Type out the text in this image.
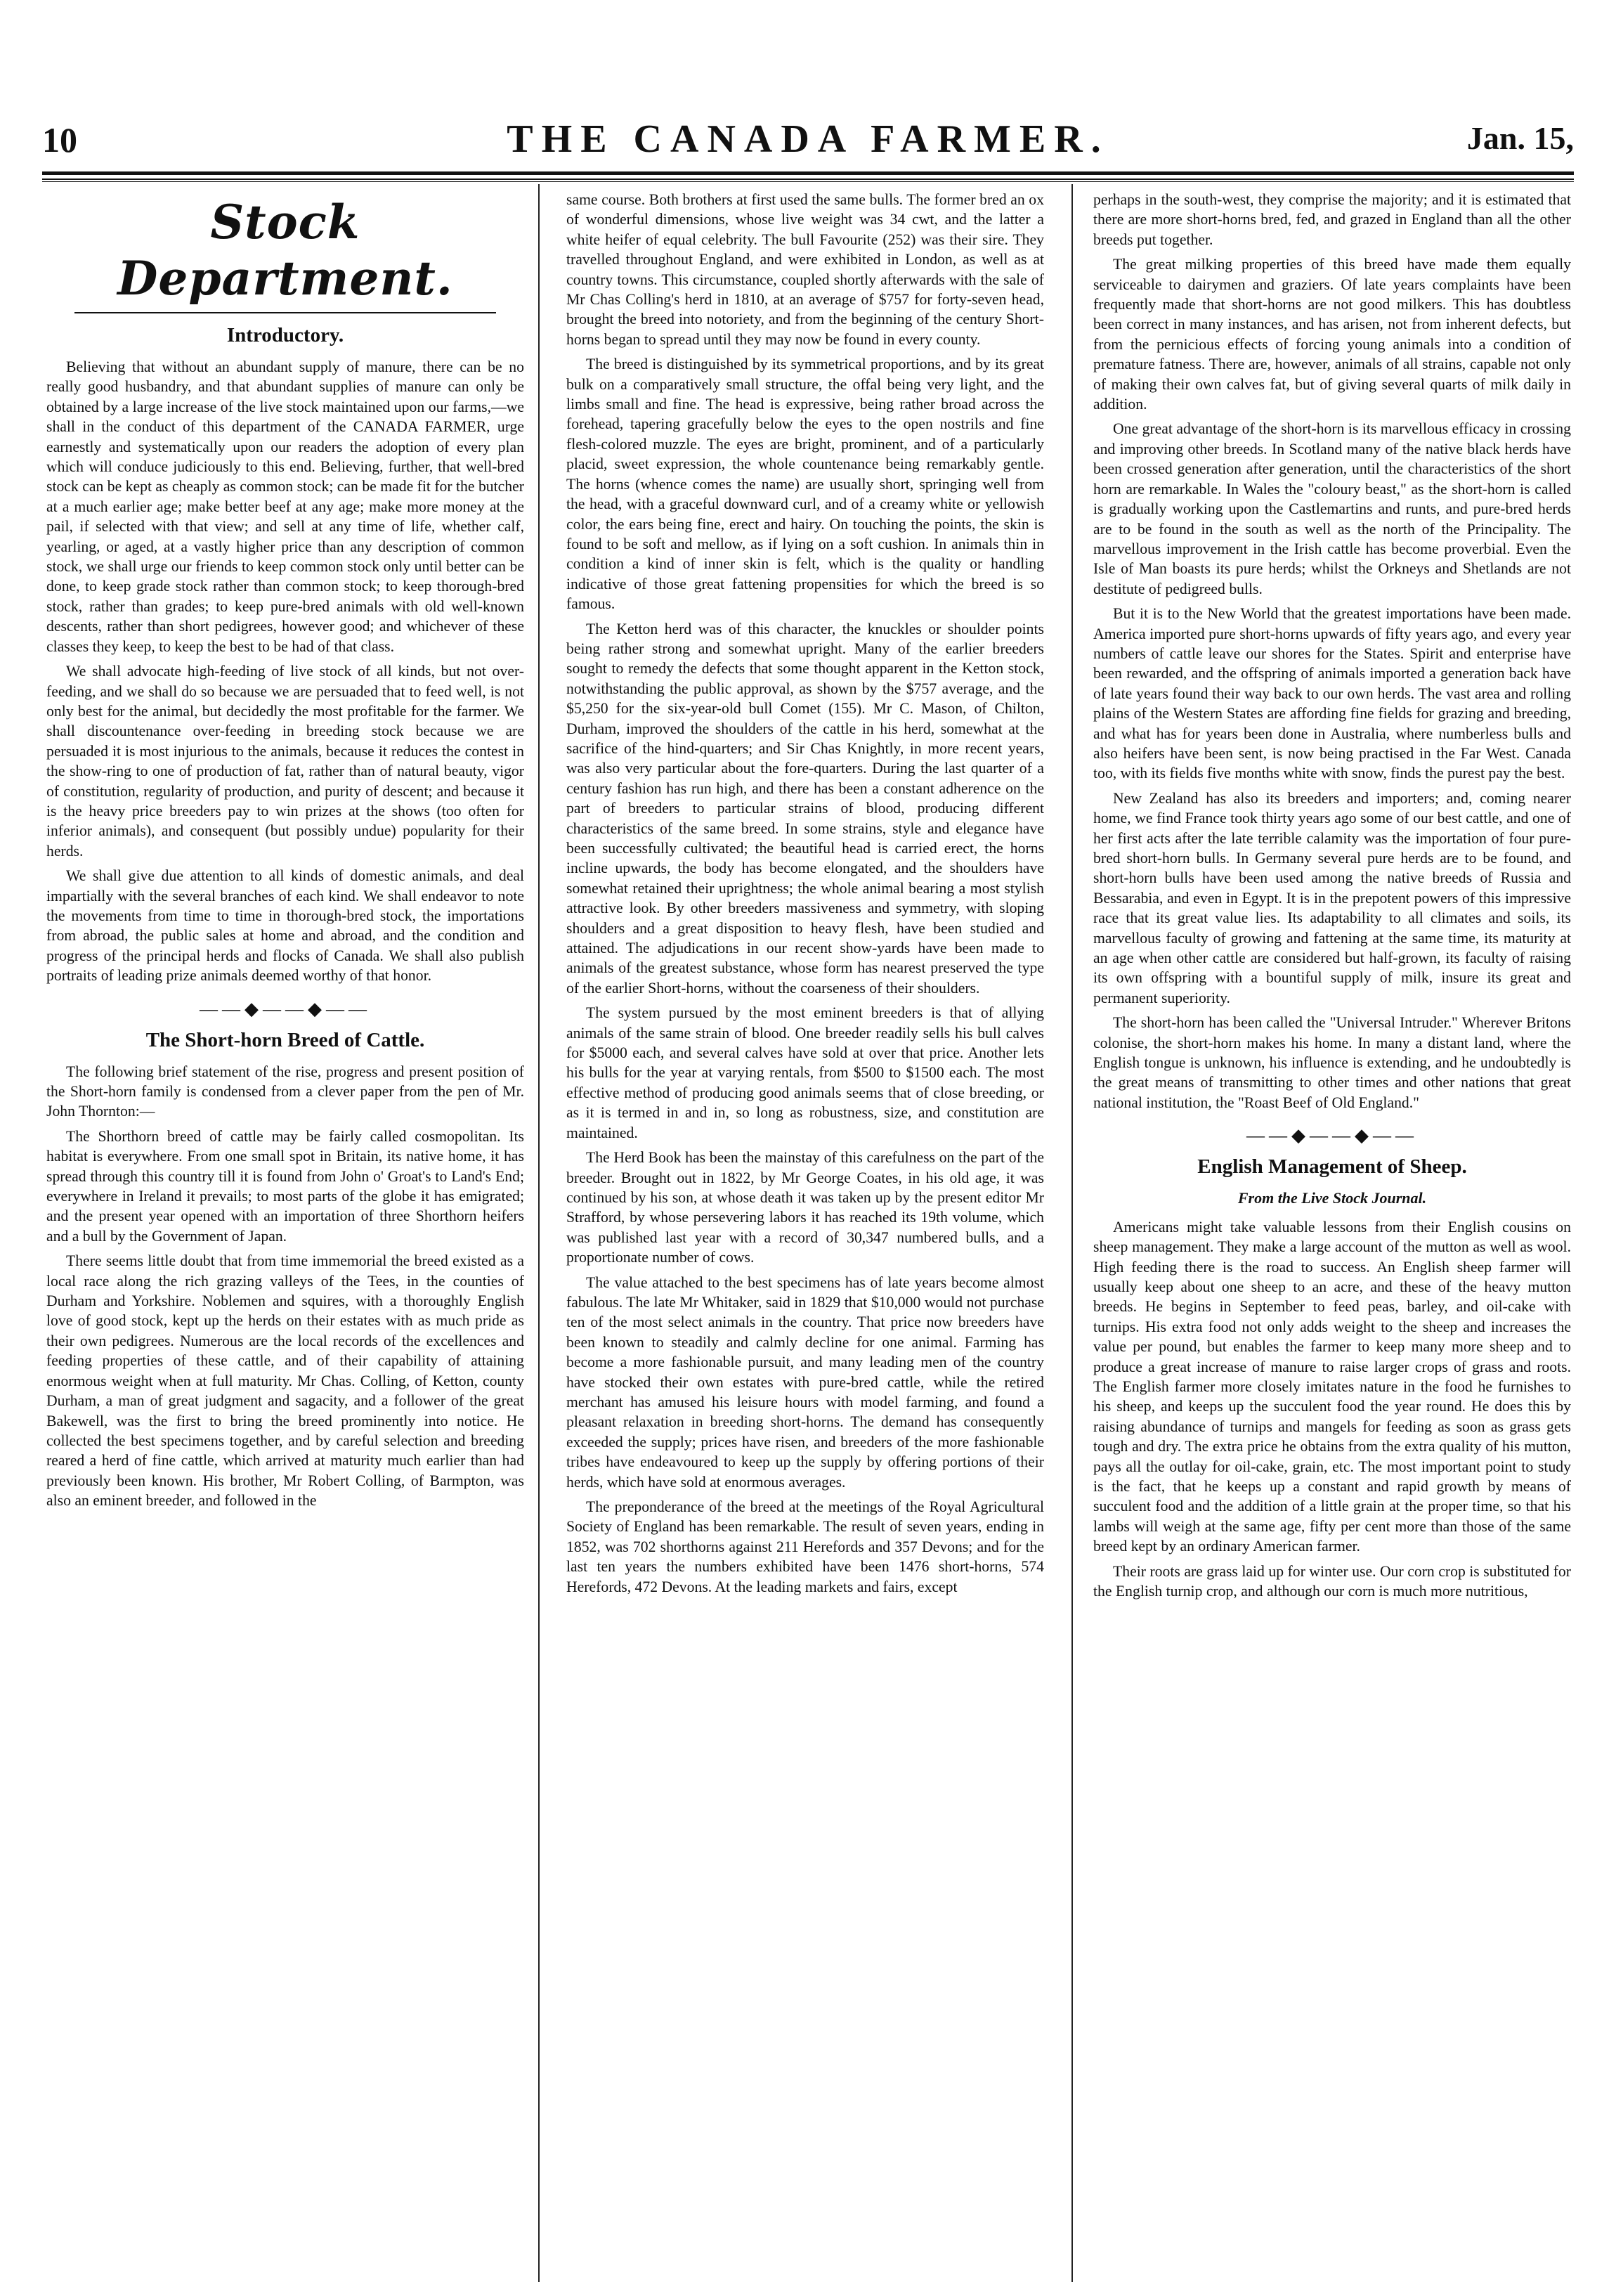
10	THE CANADA FARMER.	Jan. 15,
Stock Department.
Introductory.

Believing that without an abundant supply of manure, there can be no really good husbandry, and that abundant supplies of manure can only be obtained by a large increase of the live stock maintained upon our farms,—we shall in the conduct of this department of the CANADA FARMER, urge earnestly and systematically upon our readers the adoption of every plan which will conduce judiciously to this end. Believing, further, that well-bred stock can be kept as cheaply as common stock; can be made fit for the butcher at a much earlier age; make better beef at any age; make more money at the pail, if selected with that view; and sell at any time of life, whether calf, yearling, or aged, at a vastly higher price than any description of common stock, we shall urge our friends to keep common stock only until better can be done, to keep grade stock rather than common stock; to keep thorough-bred stock, rather than grades; to keep pure-bred animals with old well-known descents, rather than short pedigrees, however good; and whichever of these classes they keep, to keep the best to be had of that class.

We shall advocate high-feeding of live stock of all kinds, but not over-feeding, and we shall do so because we are persuaded that to feed well, is not only best for the animal, but decidedly the most profitable for the farmer. We shall discountenance over-feeding in breeding stock because we are persuaded it is most injurious to the animals, because it reduces the contest in the show-ring to one of production of fat, rather than of natural beauty, vigor of constitution, regularity of production, and purity of descent; and because it is the heavy price breeders pay to win prizes at the shows (too often for inferior animals), and consequent (but possibly undue) popularity for their herds.

We shall give due attention to all kinds of domestic animals, and deal impartially with the several branches of each kind. We shall endeavor to note the movements from time to time in thorough-bred stock, the importations from abroad, the public sales at home and abroad, and the condition and progress of the principal herds and flocks of Canada. We shall also publish portraits of leading prize animals deemed worthy of that honor.

——◆——◆——
The Short-horn Breed of Cattle.

The following brief statement of the rise, progress and present position of the Short-horn family is condensed from a clever paper from the pen of Mr. John Thornton:—

The Shorthorn breed of cattle may be fairly called cosmopolitan. Its habitat is everywhere. From one small spot in Britain, its native home, it has spread through this country till it is found from John o' Groat's to Land's End; everywhere in Ireland it prevails; to most parts of the globe it has emigrated; and the present year opened with an importation of three Shorthorn heifers and a bull by the Government of Japan.

There seems little doubt that from time immemorial the breed existed as a local race along the rich grazing valleys of the Tees, in the counties of Durham and Yorkshire. Noblemen and squires, with a thoroughly English love of good stock, kept up the herds on their estates with as much pride as their own pedigrees. Numerous are the local records of the excellences and feeding properties of these cattle, and of their capability of attaining enormous weight when at full maturity. Mr Chas. Colling, of Ketton, county Durham, a man of great judgment and sagacity, and a follower of the great Bakewell, was the first to bring the breed prominently into notice. He collected the best specimens together, and by careful selection and breeding reared a herd of fine cattle, which arrived at maturity much earlier than had previously been known. His brother, Mr Robert Colling, of Barmpton, was also an eminent breeder, and followed in the

same course. Both brothers at first used the same bulls. The former bred an ox of wonderful dimensions, whose live weight was 34 cwt, and the latter a white heifer of equal celebrity. The bull Favourite (252) was their sire. They travelled throughout England, and were exhibited in London, as well as at country towns. This circumstance, coupled shortly afterwards with the sale of Mr Chas Colling's herd in 1810, at an average of $757 for forty-seven head, brought the breed into notoriety, and from the beginning of the century Short-horns began to spread until they may now be found in every county.

The breed is distinguished by its symmetrical proportions, and by its great bulk on a comparatively small structure, the offal being very light, and the limbs small and fine. The head is expressive, being rather broad across the forehead, tapering gracefully below the eyes to the open nostrils and fine flesh-colored muzzle. The eyes are bright, prominent, and of a particularly placid, sweet expression, the whole countenance being remarkably gentle. The horns (whence comes the name) are usually short, springing well from the head, with a graceful downward curl, and of a creamy white or yellowish color, the ears being fine, erect and hairy. On touching the points, the skin is found to be soft and mellow, as if lying on a soft cushion. In animals thin in condition a kind of inner skin is felt, which is the quality or handling indicative of those great fattening propensities for which the breed is so famous.

The Ketton herd was of this character, the knuckles or shoulder points being rather strong and somewhat upright. Many of the earlier breeders sought to remedy the defects that some thought apparent in the Ketton stock, notwithstanding the public approval, as shown by the $757 average, and the $5,250 for the six-year-old bull Comet (155). Mr C. Mason, of Chilton, Durham, improved the shoulders of the cattle in his herd, somewhat at the sacrifice of the hind-quarters; and Sir Chas Knightly, in more recent years, was also very particular about the fore-quarters. During the last quarter of a century fashion has run high, and there has been a constant adherence on the part of breeders to particular strains of blood, producing different characteristics of the same breed. In some strains, style and elegance have been successfully cultivated; the beautiful head is carried erect, the horns incline upwards, the body has become elongated, and the shoulders have somewhat retained their uprightness; the whole animal bearing a most stylish attractive look. By other breeders massiveness and symmetry, with sloping shoulders and a great disposition to heavy flesh, have been studied and attained. The adjudications in our recent show-yards have been made to animals of the greatest substance, whose form has nearest preserved the type of the earlier Short-horns, without the coarseness of their shoulders.

The system pursued by the most eminent breeders is that of allying animals of the same strain of blood. One breeder readily sells his bull calves for $5000 each, and several calves have sold at over that price. Another lets his bulls for the year at varying rentals, from $500 to $1500 each. The most effective method of producing good animals seems that of close breeding, or as it is termed in and in, so long as robustness, size, and constitution are maintained.

The Herd Book has been the mainstay of this carefulness on the part of the breeder. Brought out in 1822, by Mr George Coates, in his old age, it was continued by his son, at whose death it was taken up by the present editor Mr Strafford, by whose persevering labors it has reached its 19th volume, which was published last year with a record of 30,347 numbered bulls, and a proportionate number of cows.

The value attached to the best specimens has of late years become almost fabulous. The late Mr Whitaker, said in 1829 that $10,000 would not purchase ten of the most select animals in the country. That price now breeders have been known to steadily and calmly decline for one animal. Farming has become a more fashionable pursuit, and many leading men of the country have stocked their own estates with pure-bred cattle, while the retired merchant has amused his leisure hours with model farming, and found a pleasant relaxation in breeding short-horns. The demand has consequently exceeded the supply; prices have risen, and breeders of the more fashionable tribes have endeavoured to keep up the supply by offering portions of their herds, which have sold at enormous averages.

The preponderance of the breed at the meetings of the Royal Agricultural Society of England has been remarkable. The result of seven years, ending in 1852, was 702 shorthorns against 211 Herefords and 357 Devons; and for the last ten years the numbers exhibited have been 1476 short-horns, 574 Herefords, 472 Devons. At the leading markets and fairs, except

perhaps in the south-west, they comprise the majority; and it is estimated that there are more short-horns bred, fed, and grazed in England than all the other breeds put together.

The great milking properties of this breed have made them equally serviceable to dairymen and graziers. Of late years complaints have been frequently made that short-horns are not good milkers. This has doubtless been correct in many instances, and has arisen, not from inherent defects, but from the pernicious effects of forcing young animals into a condition of premature fatness. There are, however, animals of all strains, capable not only of making their own calves fat, but of giving several quarts of milk daily in addition.

One great advantage of the short-horn is its marvellous efficacy in crossing and improving other breeds. In Scotland many of the native black herds have been crossed generation after generation, until the characteristics of the short horn are remarkable. In Wales the "coloury beast," as the short-horn is called is gradually working upon the Castlemartins and runts, and pure-bred herds are to be found in the south as well as the north of the Principality. The marvellous improvement in the Irish cattle has become proverbial. Even the Isle of Man boasts its pure herds; whilst the Orkneys and Shetlands are not destitute of pedigreed bulls.

But it is to the New World that the greatest importations have been made. America imported pure short-horns upwards of fifty years ago, and every year numbers of cattle leave our shores for the States. Spirit and enterprise have been rewarded, and the offspring of animals imported a generation back have of late years found their way back to our own herds. The vast area and rolling plains of the Western States are affording fine fields for grazing and breeding, and what has for years been done in Australia, where numberless bulls and also heifers have been sent, is now being practised in the Far West. Canada too, with its fields five months white with snow, finds the purest pay the best.

New Zealand has also its breeders and importers; and, coming nearer home, we find France took thirty years ago some of our best cattle, and one of her first acts after the late terrible calamity was the importation of four pure-bred short-horn bulls. In Germany several pure herds are to be found, and short-horn bulls have been used among the native breeds of Russia and Bessarabia, and even in Egypt. It is in the prepotent powers of this impressive race that its great value lies. Its adaptability to all climates and soils, its marvellous faculty of growing and fattening at the same time, its maturity at an age when other cattle are considered but half-grown, its faculty of raising its own offspring with a bountiful supply of milk, insure its great and permanent superiority.

The short-horn has been called the "Universal Intruder." Wherever Britons colonise, the short-horn makes his home. In many a distant land, where the English tongue is unknown, his influence is extending, and he undoubtedly is the great means of transmitting to other times and other nations that great national institution, the "Roast Beef of Old England."

——◆——◆——
English Management of Sheep.
From the Live Stock Journal.

Americans might take valuable lessons from their English cousins on sheep management. They make a large account of the mutton as well as wool. High feeding there is the road to success. An English sheep farmer will usually keep about one sheep to an acre, and these of the heavy mutton breeds. He begins in September to feed peas, barley, and oil-cake with turnips. His extra food not only adds weight to the sheep and increases the value per pound, but enables the farmer to keep many more sheep and to produce a great increase of manure to raise larger crops of grass and roots. The English farmer more closely imitates nature in the food he furnishes to his sheep, and keeps up the succulent food the year round. He does this by raising abundance of turnips and mangels for feeding as soon as grass gets tough and dry. The extra price he obtains from the extra quality of his mutton, pays all the outlay for oil-cake, grain, etc. The most important point to study is the fact, that he keeps up a constant and rapid growth by means of succulent food and the addition of a little grain at the proper time, so that his lambs will weigh at the same age, fifty per cent more than those of the same breed kept by an ordinary American farmer.

Their roots are grass laid up for winter use. Our corn crop is substituted for the English turnip crop, and although our corn is much more nutritious,
